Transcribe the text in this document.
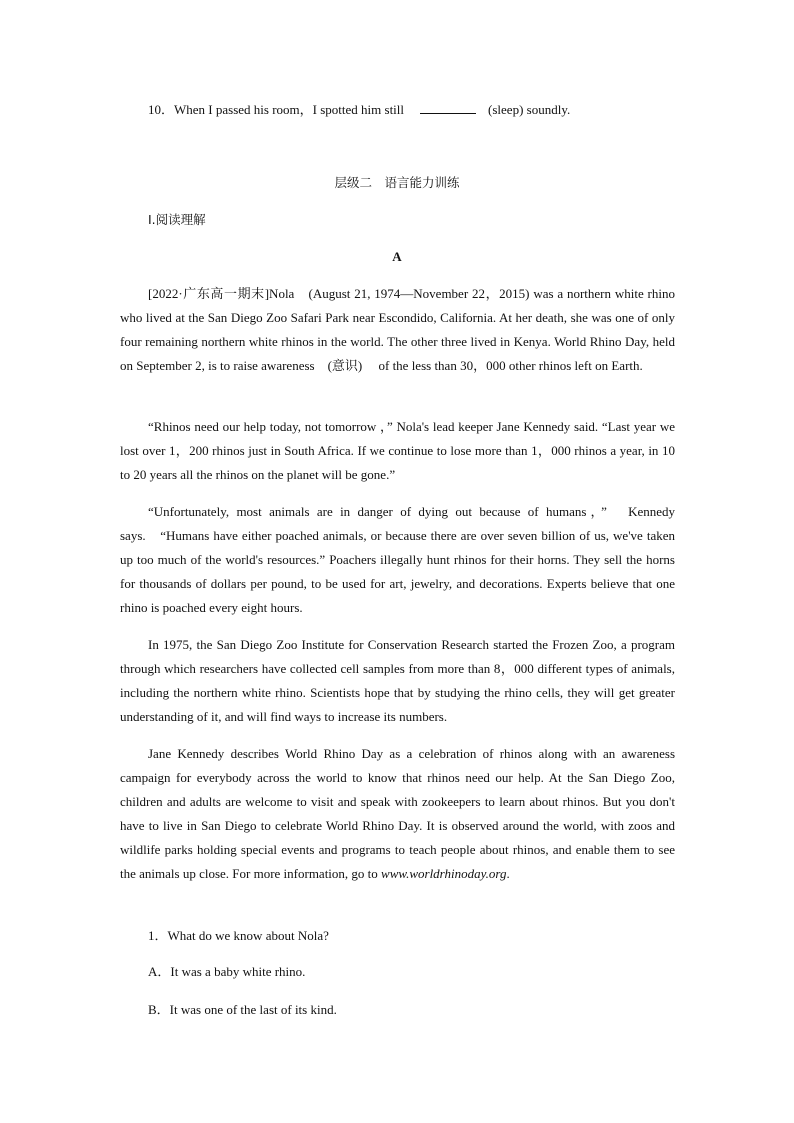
10．When I passed his room，I spotted him still	(sleep) soundly.
层级二　语言能力训练
Ⅰ.阅读理解
A

[2022·广东高一期末]Nola　(August 21, 1974—November 22，2015) was a northern white rhino who lived at the San Diego Zoo Safari Park near Escondido, California. At her death, she was one of only four remaining northern white rhinos in the world. The other three lived in Kenya. World Rhino Day, held on September 2, is to raise awareness　(意识)　 of the less than 30，000 other rhinos left on Earth.

“Rhinos need our help today, not tomorrow ，” Nola's lead keeper Jane Kennedy said. “Last year we lost over 1，200 rhinos just in South Africa. If we continue to lose more than 1，000 rhinos a year, in 10 to 20 years all the rhinos on the planet will be gone.”

“Unfortunately, most animals are in danger of dying out because of humans，”　Kennedy says.　“Humans have either poached animals, or because there are over seven billion of us, we've taken up too much of the world's resources.” Poachers illegally hunt rhinos for their horns. They sell the horns for thousands of dollars per pound, to be used for art, jewelry, and decorations. Experts believe that one rhino is poached every eight hours.

In 1975, the San Diego Zoo Institute for Conservation Research started the Frozen Zoo, a program through which researchers have collected cell samples from more than 8，000 different types of animals, including the northern white rhino. Scientists hope that by studying the rhino cells, they will get greater understanding of it, and will find ways to increase its numbers.

Jane Kennedy describes World Rhino Day as a celebration of rhinos along with an awareness campaign for everybody across the world to know that rhinos need our help. At the San Diego Zoo, children and adults are welcome to visit and speak with zookeepers to learn about rhinos. But you don't have to live in San Diego to celebrate World Rhino Day. It is observed around the world, with zoos and wildlife parks holding special events and programs to teach people about rhinos, and enable them to see the animals up close. For more information, go to www.worldrhinoday.org.

1．What do we know about Nola?
A．It was a baby white rhino.
B．It was one of the last of its kind.
